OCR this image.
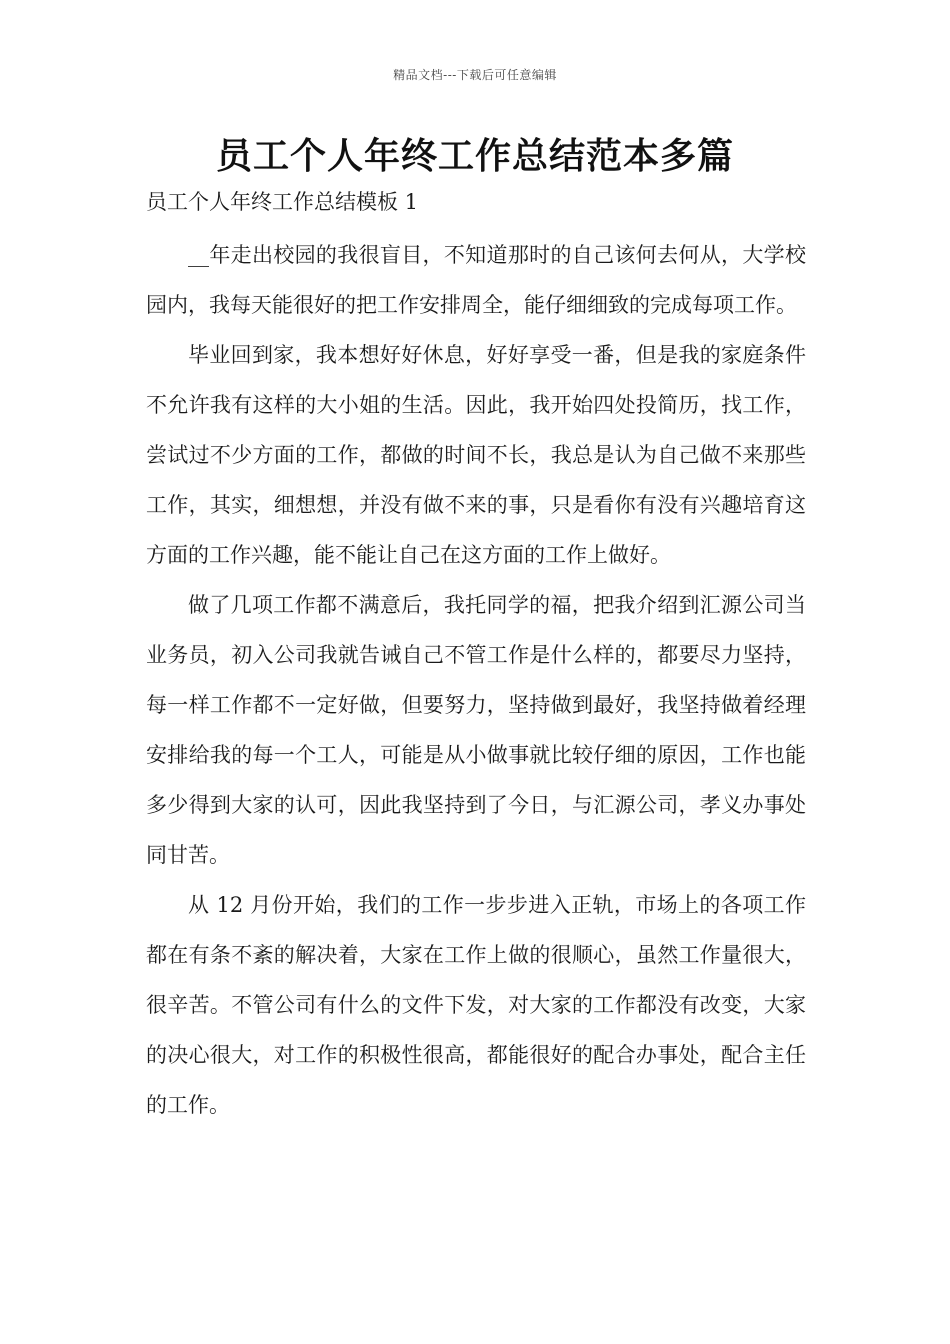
精品文档---下载后可任意编辑
员工个人年终工作总结范本多篇

员工个人年终工作总结模板 1

__年走出校园的我很盲目，不知道那时的自己该何去何从，大学校园内，我每天能很好的把工作安排周全，能仔细细致的完成每项工作。

毕业回到家，我本想好好休息，好好享受一番，但是我的家庭条件不允许我有这样的大小姐的生活。因此，我开始四处投简历，找工作，尝试过不少方面的工作，都做的时间不长，我总是认为自己做不来那些工作，其实，细想想，并没有做不来的事，只是看你有没有兴趣培育这方面的工作兴趣，能不能让自己在这方面的工作上做好。

做了几项工作都不满意后，我托同学的福，把我介绍到汇源公司当业务员，初入公司我就告诫自己不管工作是什么样的，都要尽力坚持，每一样工作都不一定好做，但要努力，坚持做到最好，我坚持做着经理安排给我的每一个工人，可能是从小做事就比较仔细的原因，工作也能多少得到大家的认可，因此我坚持到了今日，与汇源公司，孝义办事处同甘苦。

从 12 月份开始，我们的工作一步步进入正轨，市场上的各项工作都在有条不紊的解决着，大家在工作上做的很顺心，虽然工作量很大，很辛苦。不管公司有什么的文件下发，对大家的工作都没有改变，大家的决心很大，对工作的积极性很高，都能很好的配合办事处，配合主任的工作。
